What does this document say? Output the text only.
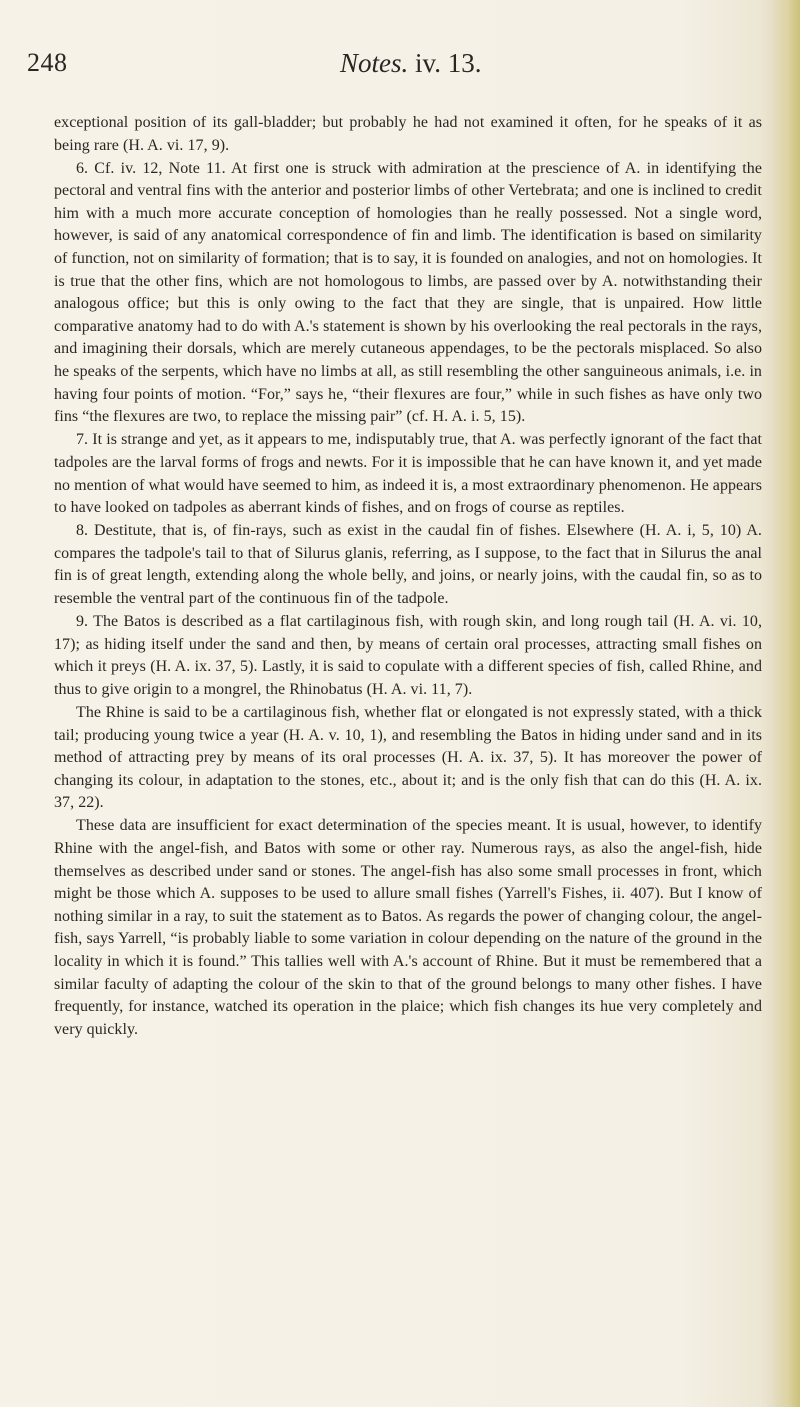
248	Notes. iv. 13.

exceptional position of its gall-bladder; but probably he had not examined it often, for he speaks of it as being rare (H. A. vi. 17, 9).

6. Cf. iv. 12, Note 11. At first one is struck with admiration at the prescience of A. in identifying the pectoral and ventral fins with the anterior and posterior limbs of other Vertebrata; and one is inclined to credit him with a much more accurate conception of homologies than he really possessed. Not a single word, however, is said of any anatomical correspondence of fin and limb. The identification is based on similarity of function, not on similarity of formation; that is to say, it is founded on analogies, and not on homologies. It is true that the other fins, which are not homologous to limbs, are passed over by A. notwithstanding their analogous office; but this is only owing to the fact that they are single, that is unpaired. How little comparative anatomy had to do with A.'s statement is shown by his overlooking the real pectorals in the rays, and imagining their dorsals, which are merely cutaneous appendages, to be the pectorals misplaced. So also he speaks of the serpents, which have no limbs at all, as still resembling the other sanguineous animals, i.e. in having four points of motion. “For,” says he, “their flexures are four,” while in such fishes as have only two fins “the flexures are two, to replace the missing pair” (cf. H. A. i. 5, 15).

7. It is strange and yet, as it appears to me, indisputably true, that A. was perfectly ignorant of the fact that tadpoles are the larval forms of frogs and newts. For it is impossible that he can have known it, and yet made no mention of what would have seemed to him, as indeed it is, a most extraordinary phenomenon. He appears to have looked on tadpoles as aberrant kinds of fishes, and on frogs of course as reptiles.

8. Destitute, that is, of fin-rays, such as exist in the caudal fin of fishes. Elsewhere (H. A. i, 5, 10) A. compares the tadpole's tail to that of Silurus glanis, referring, as I suppose, to the fact that in Silurus the anal fin is of great length, extending along the whole belly, and joins, or nearly joins, with the caudal fin, so as to resemble the ventral part of the continuous fin of the tadpole.

9. The Batos is described as a flat cartilaginous fish, with rough skin, and long rough tail (H. A. vi. 10, 17); as hiding itself under the sand and then, by means of certain oral processes, attracting small fishes on which it preys (H. A. ix. 37, 5). Lastly, it is said to copulate with a different species of fish, called Rhine, and thus to give origin to a mongrel, the Rhinobatus (H. A. vi. 11, 7).

The Rhine is said to be a cartilaginous fish, whether flat or elongated is not expressly stated, with a thick tail; producing young twice a year (H. A. v. 10, 1), and resembling the Batos in hiding under sand and in its method of attracting prey by means of its oral processes (H. A. ix. 37, 5). It has moreover the power of changing its colour, in adaptation to the stones, etc., about it; and is the only fish that can do this (H. A. ix. 37, 22).

These data are insufficient for exact determination of the species meant. It is usual, however, to identify Rhine with the angel-fish, and Batos with some or other ray. Numerous rays, as also the angel-fish, hide themselves as described under sand or stones. The angel-fish has also some small processes in front, which might be those which A. supposes to be used to allure small fishes (Yarrell's Fishes, ii. 407). But I know of nothing similar in a ray, to suit the statement as to Batos. As regards the power of changing colour, the angel-fish, says Yarrell, “is probably liable to some variation in colour depending on the nature of the ground in the locality in which it is found.” This tallies well with A.'s account of Rhine. But it must be remembered that a similar faculty of adapting the colour of the skin to that of the ground belongs to many other fishes. I have frequently, for instance, watched its operation in the plaice; which fish changes its hue very completely and very quickly.
